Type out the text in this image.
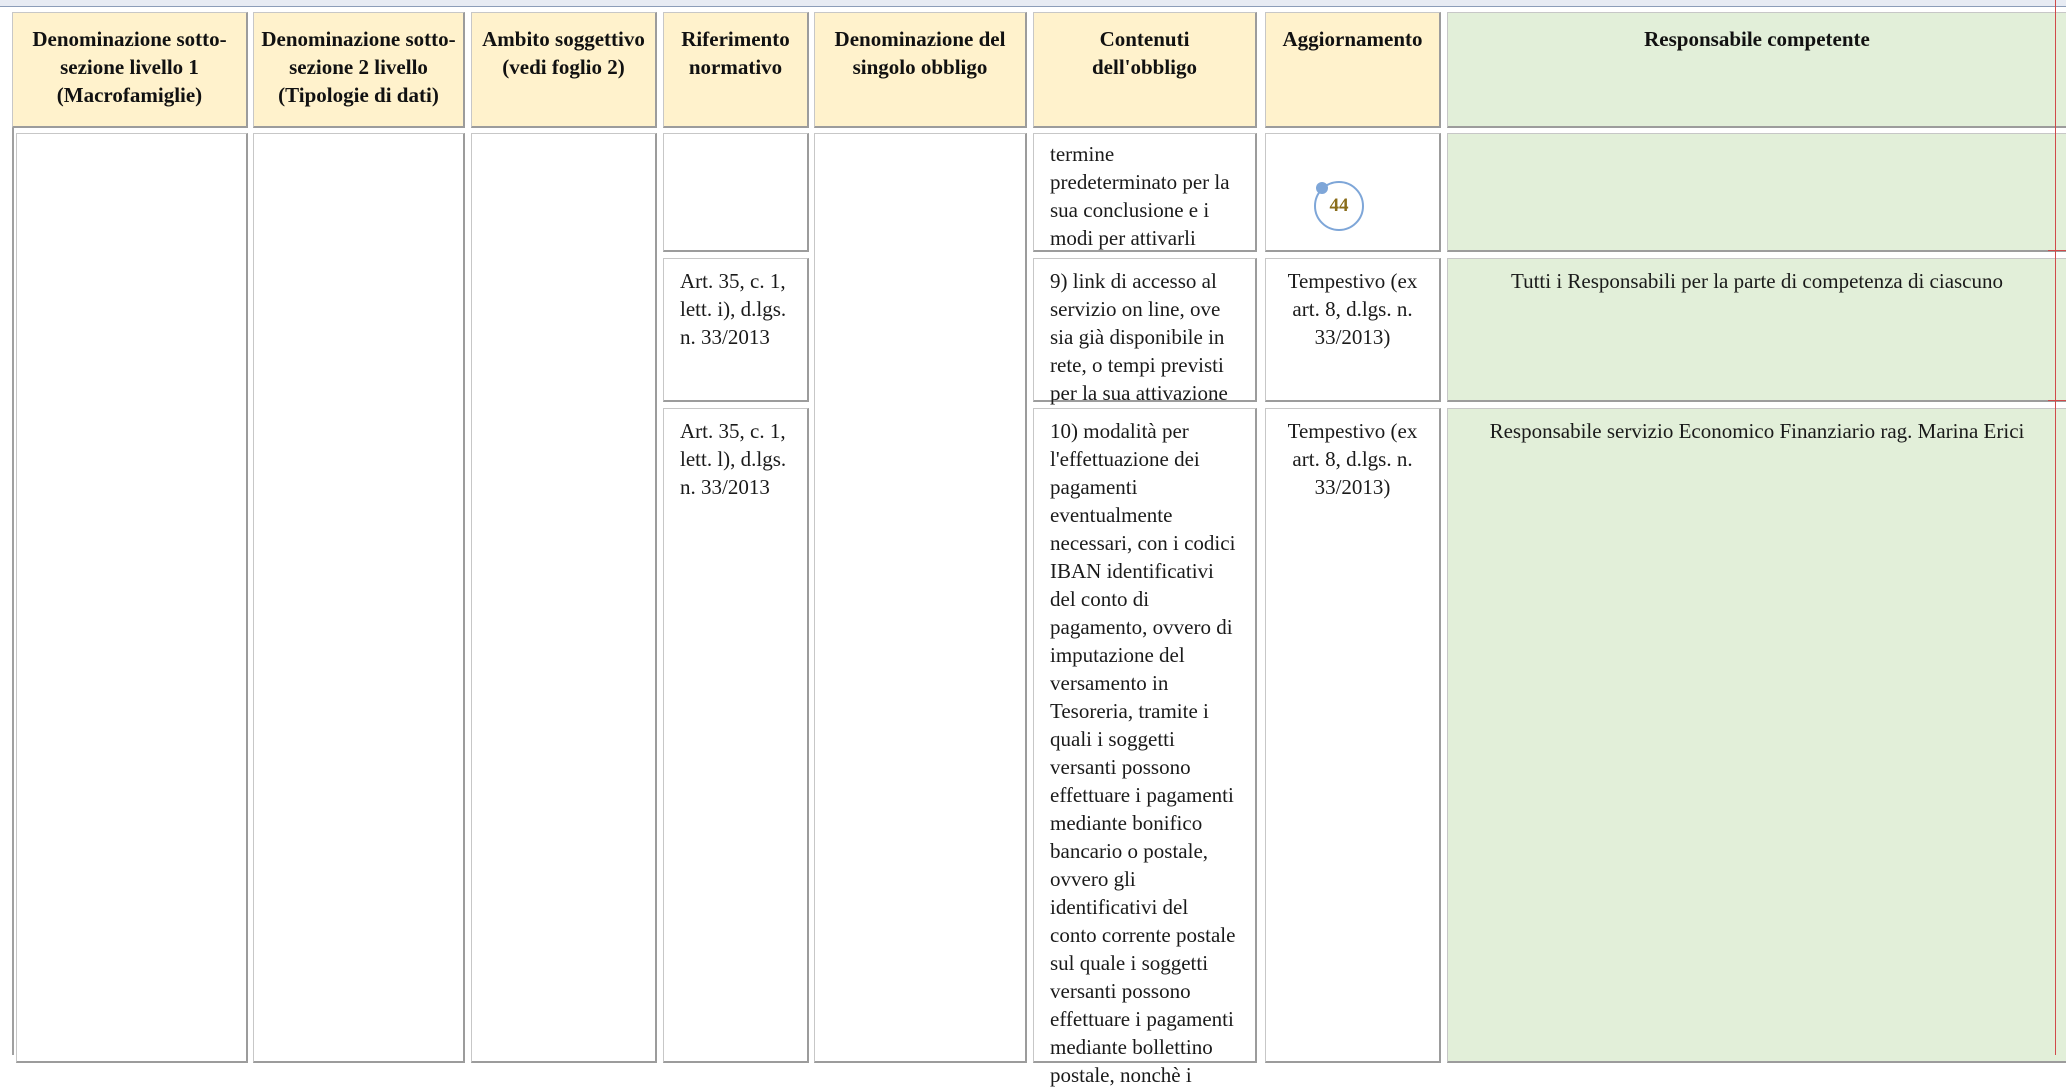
Denominazione sotto-sezione livello 1 (Macrofamiglie)
Denominazione sotto-sezione 2 livello (Tipologie di dati)
Ambito soggettivo (vedi foglio 2)
Riferimento normativo
Denominazione del singolo obbligo
Contenuti dell'obbligo
Aggiornamento	Responsabile competente
termine predeterminato per la sua conclusione e i modi per attivarli
Art. 35, c. 1, lett. i), d.lgs. n. 33/2013
9) link di accesso al servizio on line, ove sia già disponibile in rete, o tempi previsti per la sua attivazione
Tempestivo (ex art. 8, d.lgs. n. 33/2013)
Tutti i Responsabili per la parte di competenza di ciascuno
Art. 35, c. 1, lett. l), d.lgs. n. 33/2013
10) modalità per l'effettuazione dei pagamenti eventualmente necessari, con i codici IBAN identificativi del conto di pagamento, ovvero di imputazione del versamento in Tesoreria, tramite i quali i soggetti versanti possono effettuare i pagamenti mediante bonifico bancario o postale, ovvero gli identificativi del conto corrente postale sul quale i soggetti versanti possono effettuare i pagamenti mediante bollettino postale, nonchè i
Tempestivo (ex art. 8, d.lgs. n. 33/2013)
Responsabile servizio Economico Finanziario rag. Marina Erici
44
